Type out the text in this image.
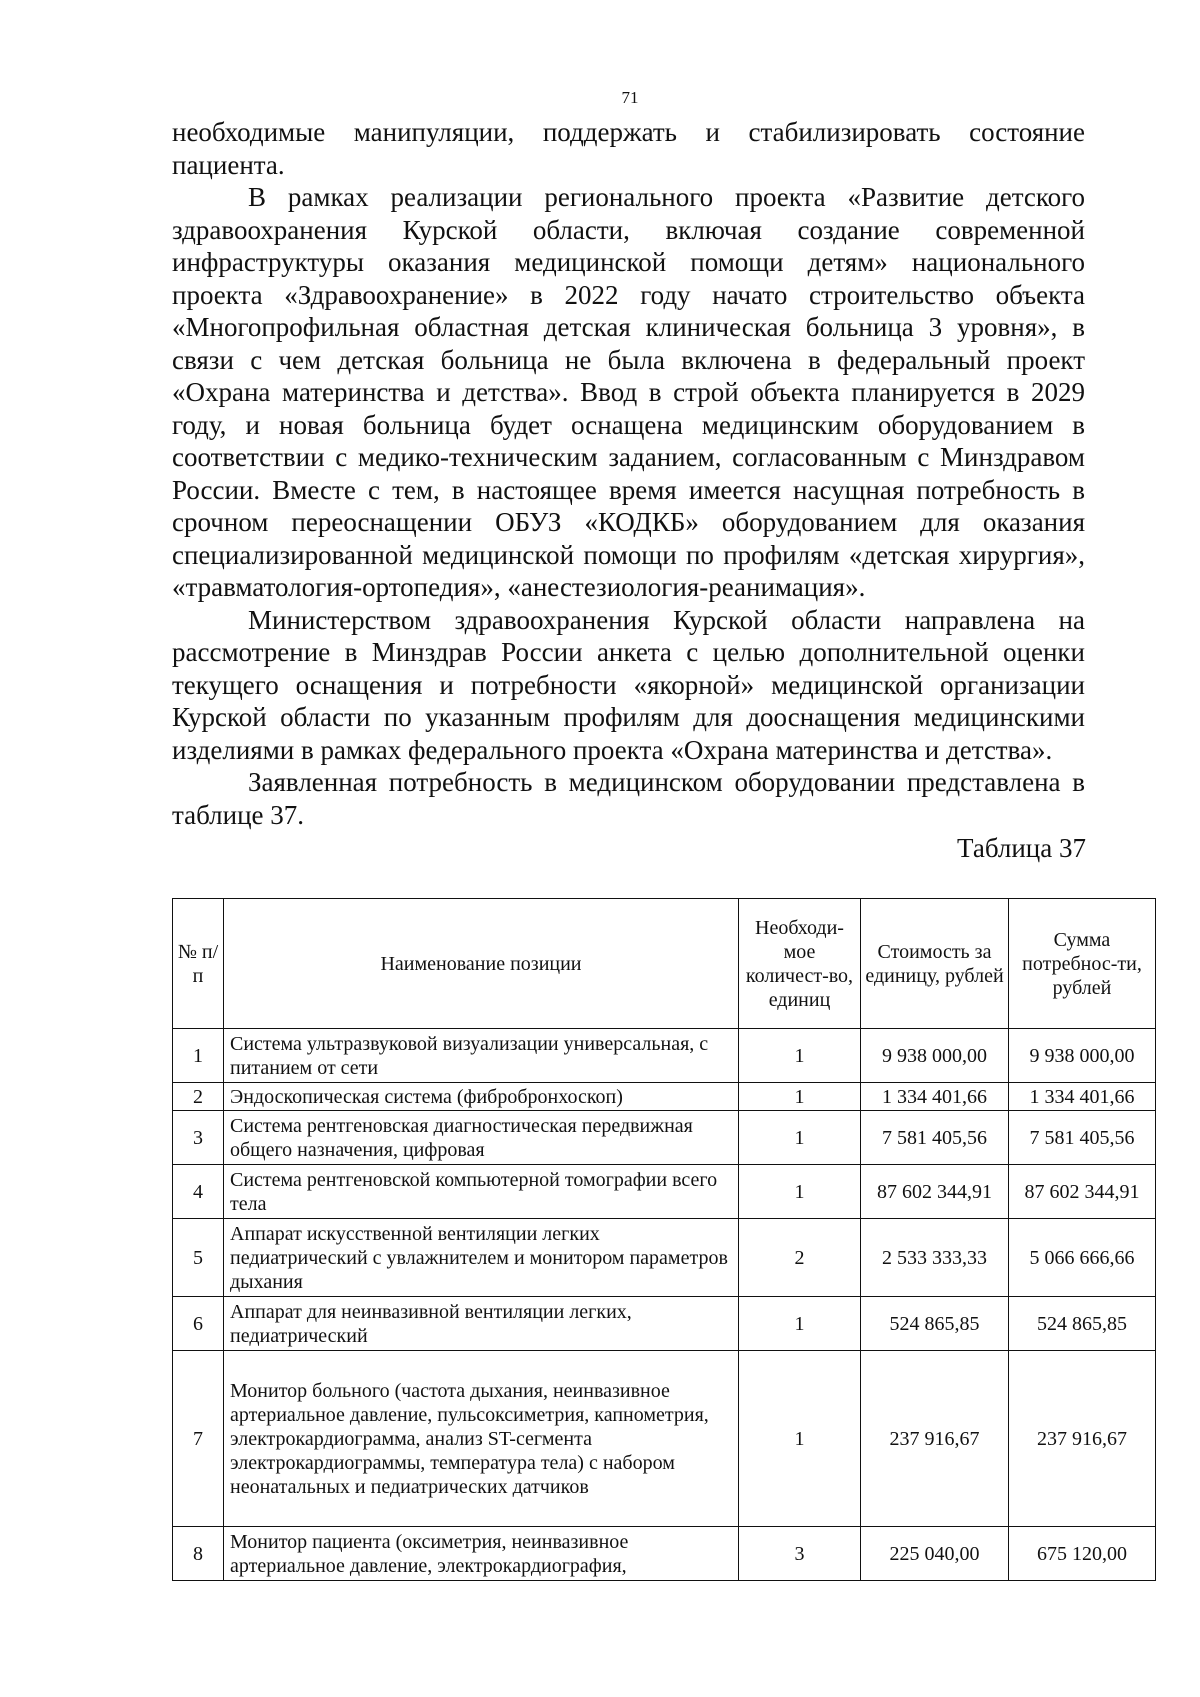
71

необходимые манипуляции, поддержать и стабилизировать состояние пациента.

В рамках реализации регионального проекта «Развитие детского здравоохранения Курской области, включая создание современной инфраструктуры оказания медицинской помощи детям» национального проекта «Здравоохранение» в 2022 году начато строительство объекта «Многопрофильная областная детская клиническая больница 3 уровня», в связи с чем детская больница не была включена в федеральный проект «Охрана материнства и детства». Ввод в строй объекта планируется в 2029 году, и новая больница будет оснащена медицинским оборудованием в соответствии с медико-техническим заданием, согласованным с Минздравом России. Вместе с тем, в настоящее время имеется насущная потребность в срочном переоснащении ОБУЗ «КОДКБ» оборудованием для оказания специализированной медицинской помощи по профилям «детская хирургия», «травматология-ортопедия», «анестезиология-реанимация».

Министерством здравоохранения Курской области направлена на рассмотрение в Минздрав России анкета с целью дополнительной оценки текущего оснащения и потребности «якорной» медицинской организации Курской области по указанным профилям для дооснащения медицинскими изделиями в рамках федерального проекта «Охрана материнства и детства».

Заявленная потребность в медицинском оборудовании представлена в таблице 37.

Таблица 37
№ п/п	Наименование позиции	Необходи-мое количест-во, единиц	Стоимость за единицу, рублей	Сумма потребнос-ти, рублей
1	Система ультразвуковой визуализации универсальная, с питанием от сети	1	9 938 000,00	9 938 000,00
2	Эндоскопическая система (фибробронхоскоп)	1	1 334 401,66	1 334 401,66
3	Система рентгеновская диагностическая передвижная общего назначения, цифровая	1	7 581 405,56	7 581 405,56
4	Система рентгеновской компьютерной томографии всего тела	1	87 602 344,91	87 602 344,91
5	Аппарат искусственной вентиляции легких педиатрический с увлажнителем и монитором параметров дыхания	2	2 533 333,33	5 066 666,66
6	Аппарат для неинвазивной вентиляции легких, педиатрический	1	524 865,85	524 865,85
7	Монитор больного (частота дыхания, неинвазивное артериальное давление, пульсоксиметрия, капнометрия, электрокардиограмма, анализ ST-сегмента электрокардиограммы, температура тела) с набором неонатальных и педиатрических датчиков	1	237 916,67	237 916,67
8	Монитор пациента (оксиметрия, неинвазивное артериальное давление, электрокардиография,	3	225 040,00	675 120,00
